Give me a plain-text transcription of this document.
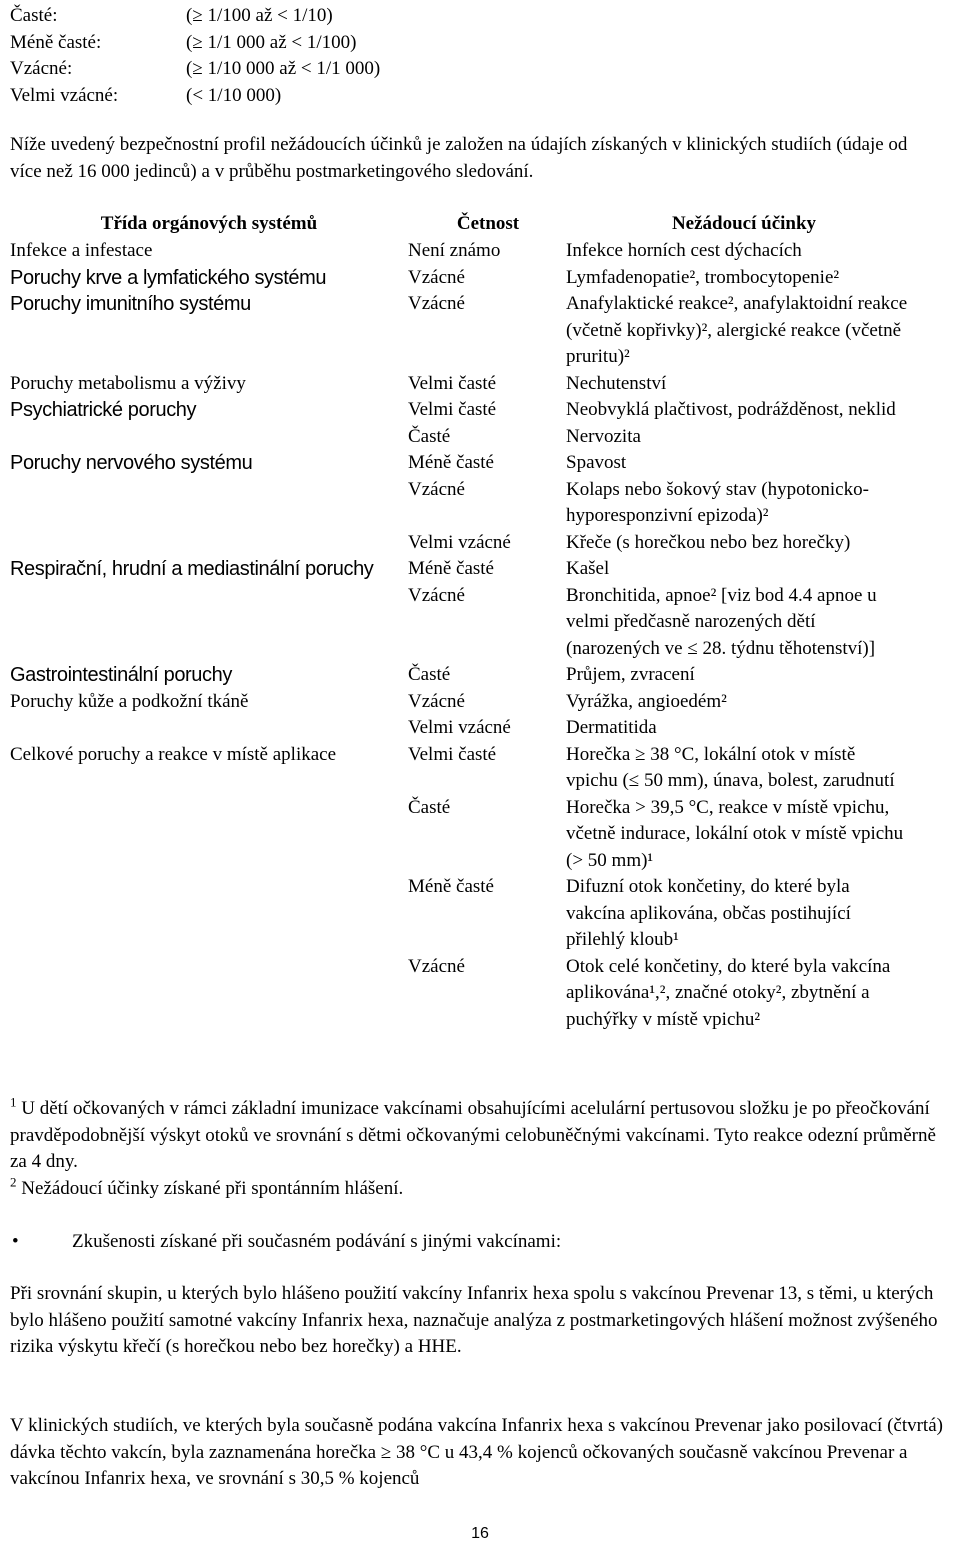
Časté:	(≥ 1/100 až < 1/10)
Méně časté:	(≥ 1/1 000 až < 1/100)
Vzácné:	(≥ 1/10 000 až < 1/1 000)
Velmi vzácné:	(< 1/10 000)
Níže uvedený bezpečnostní profil nežádoucích účinků je založen na údajích získaných v klinických studiích (údaje od více než 16 000 jedinců) a v průběhu postmarketingového sledování.
Třída orgánových systémů	Četnost	Nežádoucí účinky
Infekce a infestace	Není známo	Infekce horních cest dýchacích
Poruchy krve a lymfatického systému	Vzácné	Lymfadenopatie², trombocytopenie²
Poruchy imunitního systému	Vzácné	Anafylaktické reakce², anafylaktoidní reakce (včetně kopřivky)², alergické reakce (včetně pruritu)²
Poruchy metabolismu a výživy	Velmi časté	Nechutenství
Psychiatrické poruchy	Velmi časté	Neobvyklá plačtivost, podrážděnost, neklid
Časté	Nervozita
Poruchy nervového systému	Méně časté	Spavost
Vzácné	Kolaps nebo šokový stav (hypotonicko-hyporesponzivní epizoda)²
Velmi vzácné	Křeče (s horečkou nebo bez horečky)
Respirační, hrudní a mediastinální poruchy	Méně časté	Kašel
Vzácné	Bronchitida, apnoe² [viz bod 4.4 apnoe u velmi předčasně narozených dětí (narozených ve ≤ 28. týdnu těhotenství)]
Gastrointestinální poruchy	Časté	Průjem, zvracení
Poruchy kůže a podkožní tkáně	Vzácné	Vyrážka, angioedém²
Velmi vzácné	Dermatitida
Celkové poruchy a reakce v místě aplikace	Velmi časté	Horečka ≥ 38 °C, lokální otok v místě vpichu (≤ 50 mm), únava, bolest, zarudnutí
Časté	Horečka > 39,5 °C, reakce v místě vpichu, včetně indurace, lokální otok v místě vpichu (> 50 mm)¹
Méně časté	Difuzní otok končetiny, do které byla vakcína aplikována, občas postihující přilehlý kloub¹
Vzácné	Otok celé končetiny, do které byla vakcína aplikována¹,², značné otoky², zbytnění a puchýřky v místě vpichu²
$^1$ U dětí očkovaných v rámci základní imunizace vakcínami obsahujícími acelulární pertusovou složku je po přeočkování pravděpodobnější výskyt otoků ve srovnání s dětmi očkovanými celobuněčnými vakcínami. Tyto reakce odezní průměrně za 4 dny.
$^2$ Nežádoucí účinky získané při spontánním hlášení.
•	Zkušenosti získané při současném podávání s jinými vakcínami:
Při srovnání skupin, u kterých bylo hlášeno použití vakcíny Infanrix hexa spolu s vakcínou Prevenar 13, s těmi, u kterých bylo hlášeno použití samotné vakcíny Infanrix hexa, naznačuje analýza z postmarketingových hlášení možnost zvýšeného rizika výskytu křečí (s horečkou nebo bez horečky) a HHE.
V klinických studiích, ve kterých byla současně podána vakcína Infanrix hexa s vakcínou Prevenar jako posilovací (čtvrtá) dávka těchto vakcín, byla zaznamenána horečka ≥ 38 °C u 43,4 % kojenců očkovaných současně vakcínou Prevenar a vakcínou Infanrix hexa, ve srovnání s 30,5 % kojenců
16
